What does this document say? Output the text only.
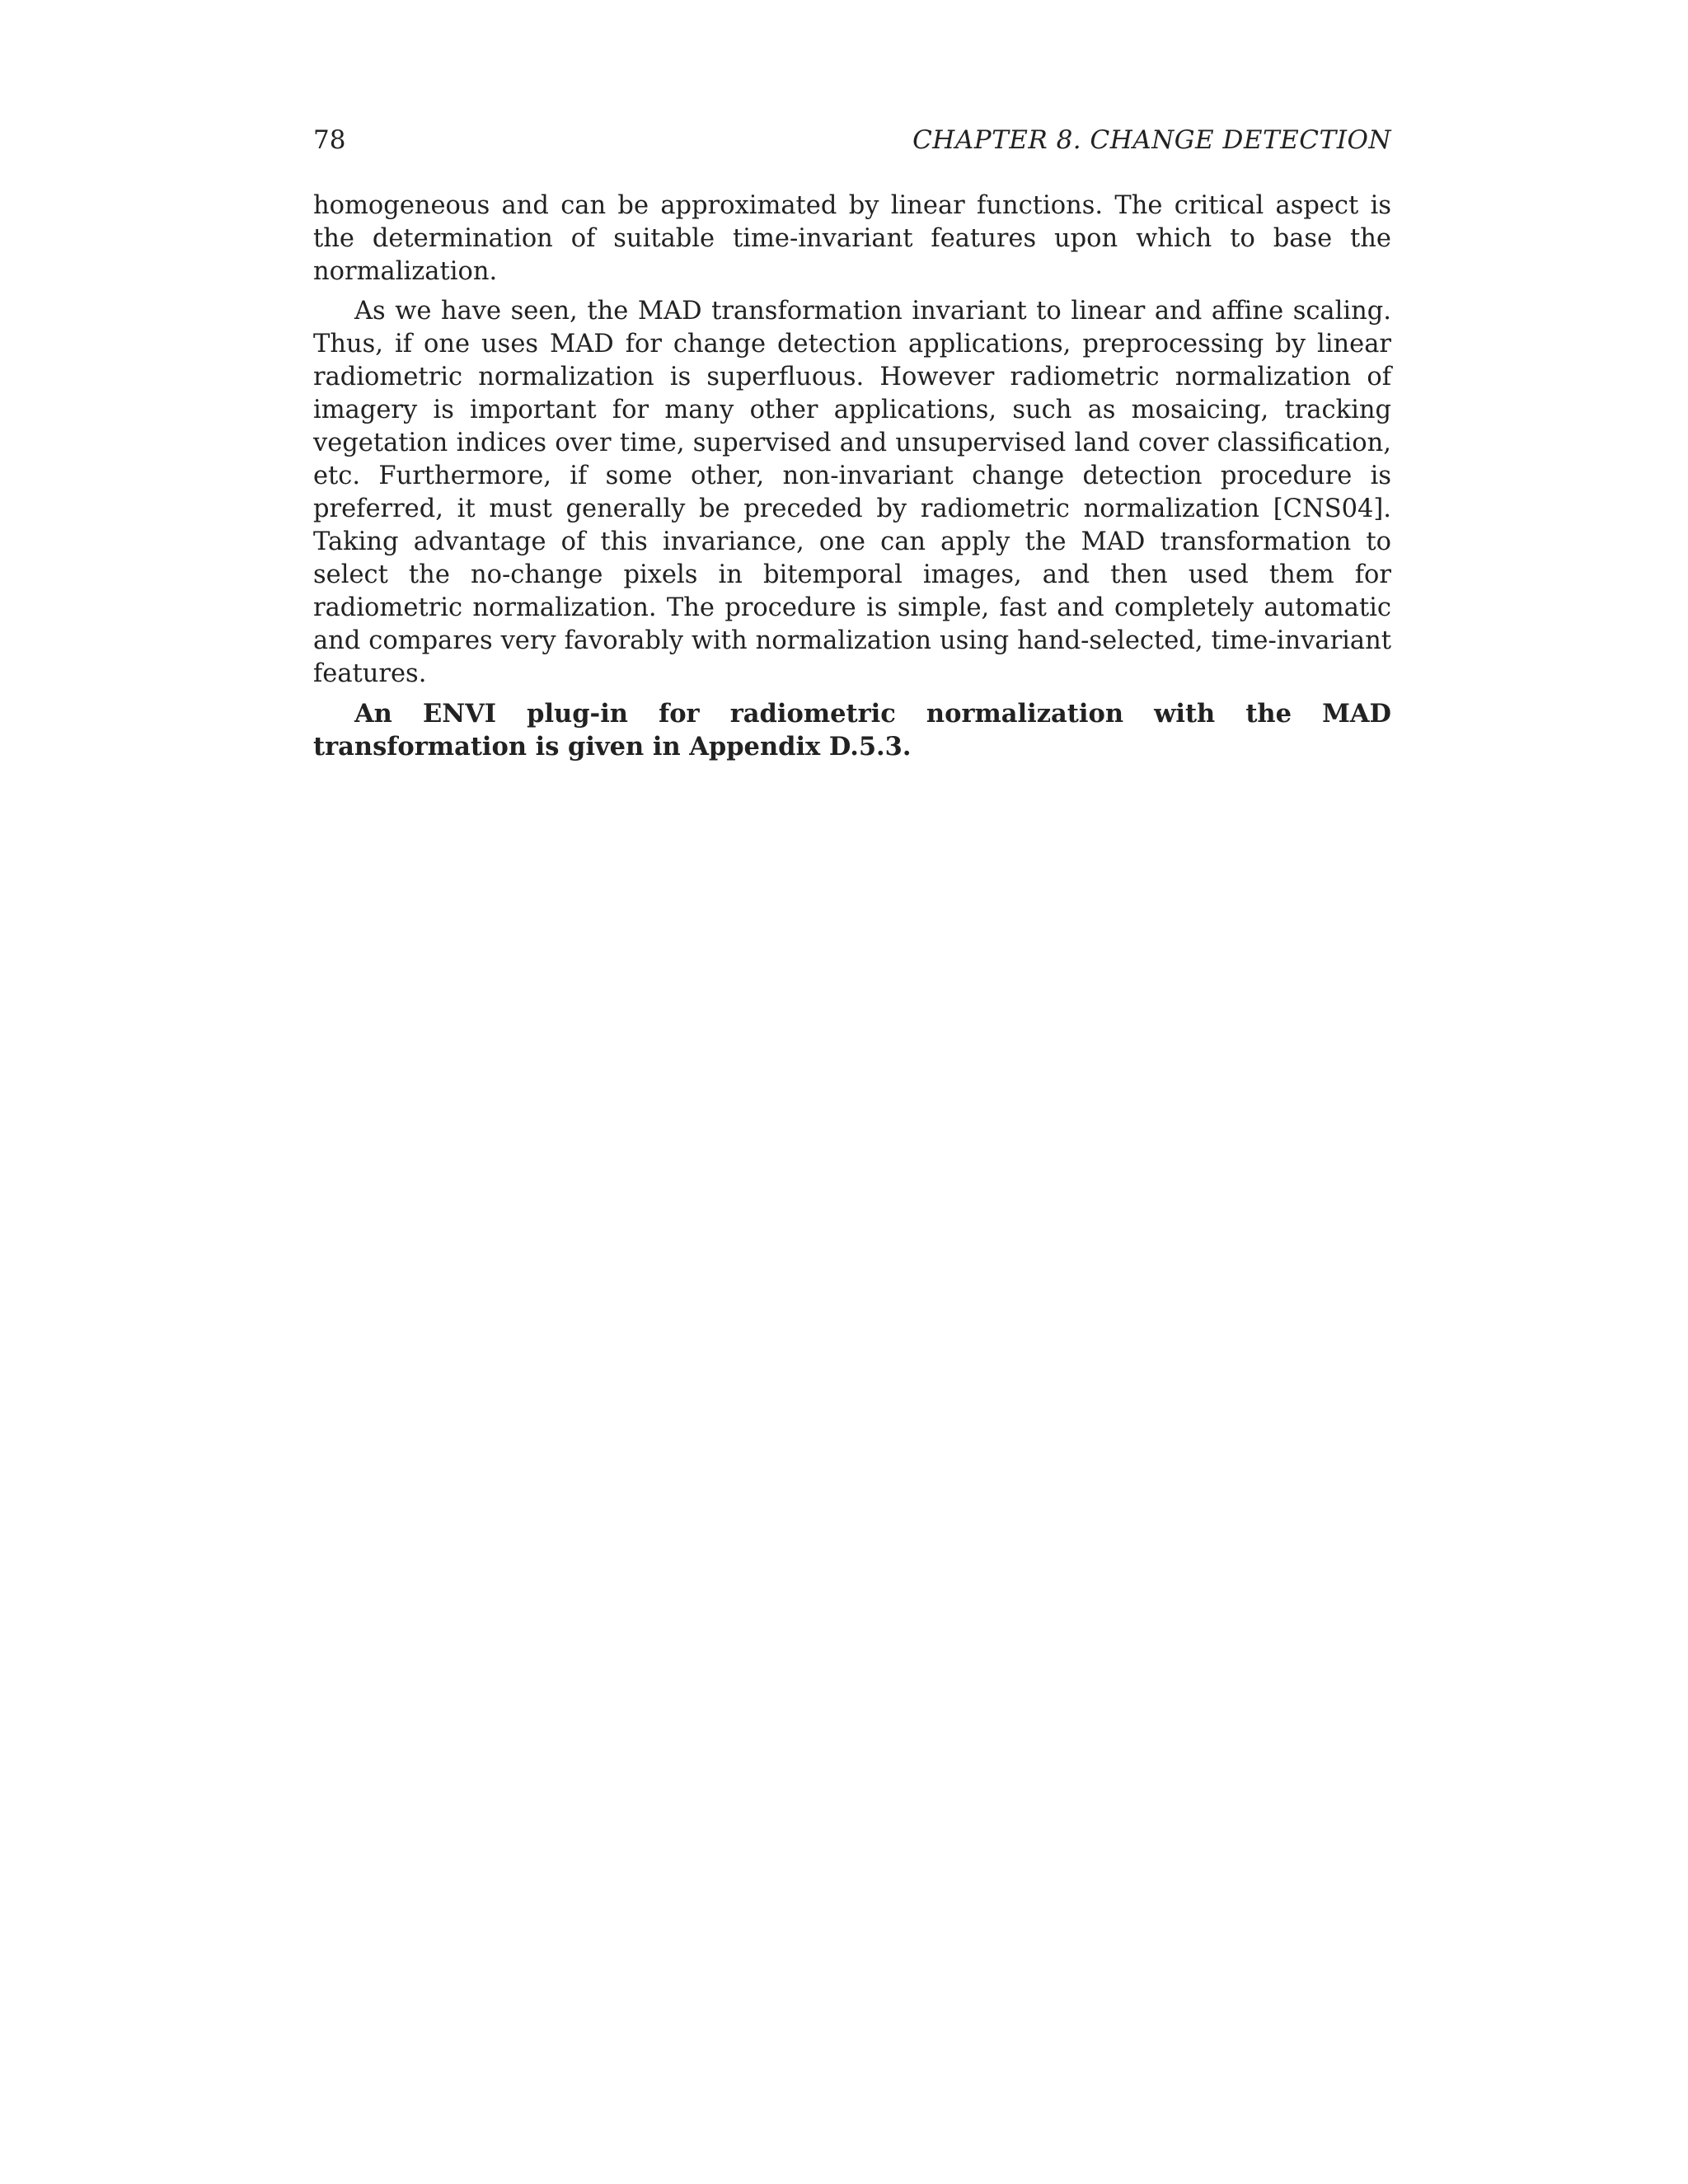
78	CHAPTER 8. CHANGE DETECTION

homogeneous and can be approximated by linear functions. The critical aspect is the determination of suitable time-invariant features upon which to base the normalization.

As we have seen, the MAD transformation invariant to linear and affine scaling. Thus, if one uses MAD for change detection applications, preprocessing by linear radiometric normalization is superfluous. However radiometric normalization of imagery is important for many other applications, such as mosaicing, tracking vegetation indices over time, supervised and unsupervised land cover classification, etc. Furthermore, if some other, non-invariant change detection procedure is preferred, it must generally be preceded by radiometric normalization [CNS04]. Taking advantage of this invariance, one can apply the MAD transformation to select the no-change pixels in bitemporal images, and then used them for radiometric normalization. The procedure is simple, fast and completely automatic and compares very favorably with normalization using hand-selected, time-invariant features.

An ENVI plug-in for radiometric normalization with the MAD transformation is given in Appendix D.5.3.
